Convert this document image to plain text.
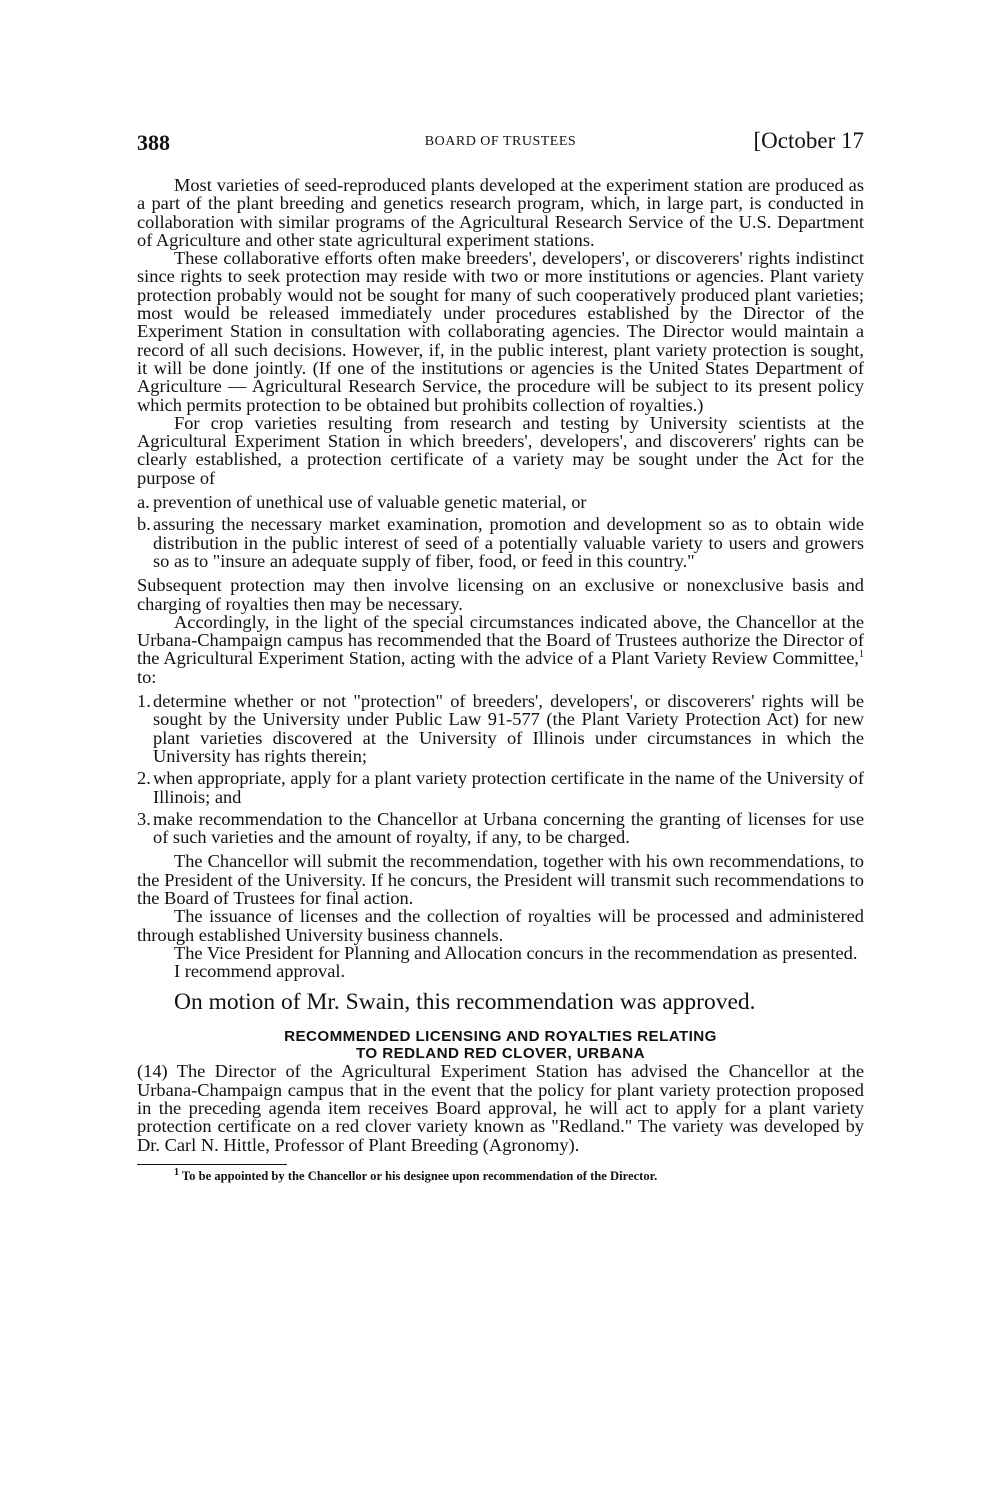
388	BOARD OF TRUSTEES	[October 17

Most varieties of seed-reproduced plants developed at the experiment station are produced as a part of the plant breeding and genetics research program, which, in large part, is conducted in collaboration with similar programs of the Agricultural Research Service of the U.S. Department of Agriculture and other state agricultural experiment stations.

These collaborative efforts often make breeders', developers', or discoverers' rights indistinct since rights to seek protection may reside with two or more institutions or agencies. Plant variety protection probably would not be sought for many of such cooperatively produced plant varieties; most would be released immediately under procedures established by the Director of the Experiment Station in consultation with collaborating agencies. The Director would maintain a record of all such decisions. However, if, in the public interest, plant variety protection is sought, it will be done jointly. (If one of the institutions or agencies is the United States Department of Agriculture — Agricultural Research Service, the procedure will be subject to its present policy which permits protection to be obtained but prohibits collection of royalties.)

For crop varieties resulting from research and testing by University scientists at the Agricultural Experiment Station in which breeders', developers', and discoverers' rights can be clearly established, a protection certificate of a variety may be sought under the Act for the purpose of

a. prevention of unethical use of valuable genetic material, or
b. assuring the necessary market examination, promotion and development so as to obtain wide distribution in the public interest of seed of a potentially valuable variety to users and growers so as to "insure an adequate supply of fiber, food, or feed in this country."

Subsequent protection may then involve licensing on an exclusive or nonexclusive basis and charging of royalties then may be necessary.

Accordingly, in the light of the special circumstances indicated above, the Chancellor at the Urbana-Champaign campus has recommended that the Board of Trustees authorize the Director of the Agricultural Experiment Station, acting with the advice of a Plant Variety Review Committee,$^1$ to:

1. determine whether or not "protection" of breeders', developers', or discoverers' rights will be sought by the University under Public Law 91-577 (the Plant Variety Protection Act) for new plant varieties discovered at the University of Illinois under circumstances in which the University has rights therein;
2. when appropriate, apply for a plant variety protection certificate in the name of the University of Illinois; and
3. make recommendation to the Chancellor at Urbana concerning the granting of licenses for use of such varieties and the amount of royalty, if any, to be charged.

The Chancellor will submit the recommendation, together with his own recommendations, to the President of the University. If he concurs, the President will transmit such recommendations to the Board of Trustees for final action.

The issuance of licenses and the collection of royalties will be processed and administered through established University business channels.

The Vice President for Planning and Allocation concurs in the recommendation as presented.

I recommend approval.

On motion of Mr. Swain, this recommendation was approved.

RECOMMENDED LICENSING AND ROYALTIES RELATING
TO REDLAND RED CLOVER, URBANA

(14) The Director of the Agricultural Experiment Station has advised the Chancellor at the Urbana-Champaign campus that in the event that the policy for plant variety protection proposed in the preceding agenda item receives Board approval, he will act to apply for a plant variety protection certificate on a red clover variety known as "Redland." The variety was developed by Dr. Carl N. Hittle, Professor of Plant Breeding (Agronomy).

$^1$ To be appointed by the Chancellor or his designee upon recommendation of the Director.
